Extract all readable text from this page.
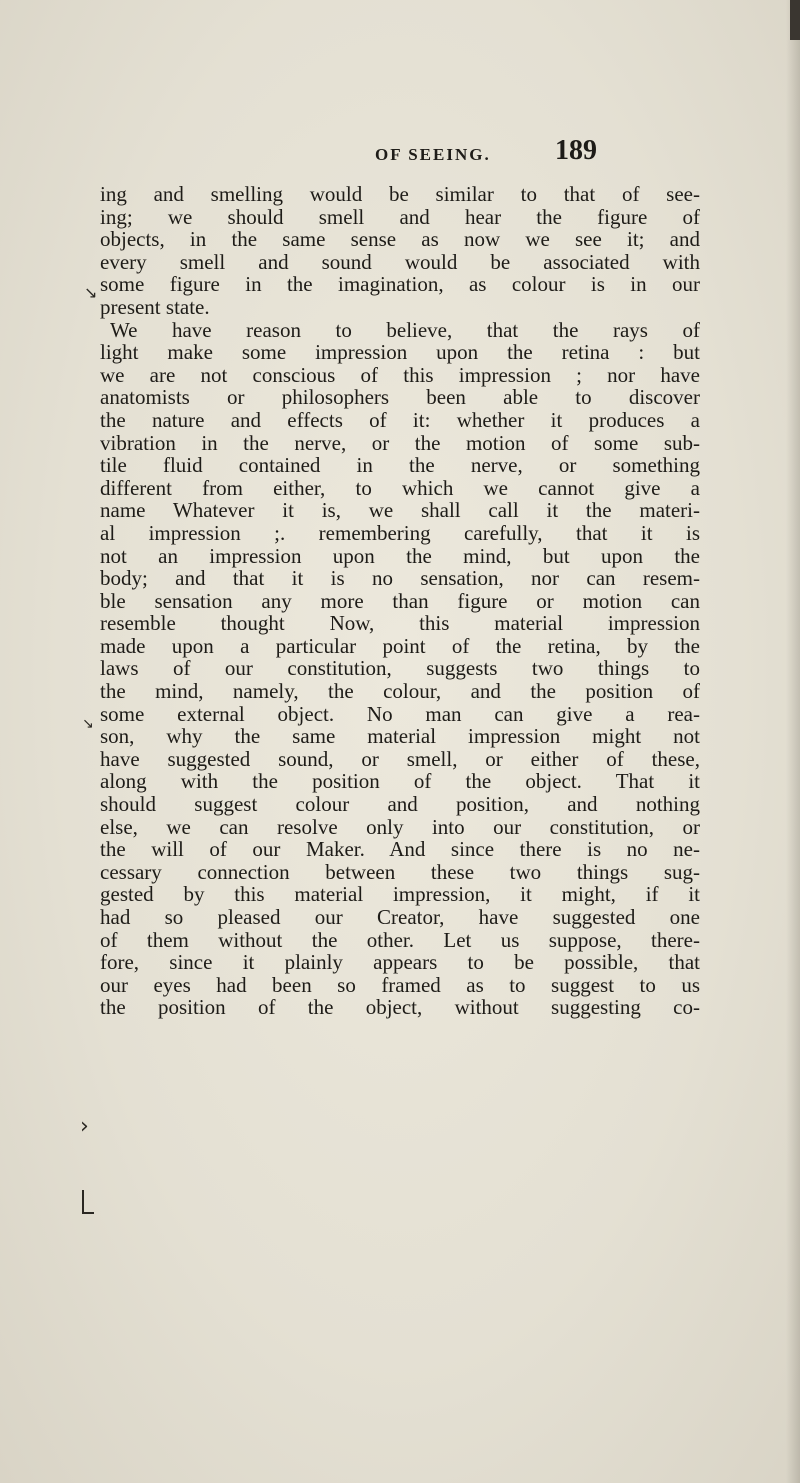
OF SEEING. 189
↘
↘
›
ing and smelling would be similar to that of see-
ing; we should smell and hear the figure of
objects, in the same sense as now we see it; and
every smell and sound would be associated with
some figure in the imagination, as colour is in our
present state.
We have reason to believe, that the rays of
light make some impression upon the retina : but
we are not conscious of this impression ; nor have
anatomists or philosophers been able to discover
the nature and effects of it: whether it produces a
vibration in the nerve, or the motion of some sub-
tile fluid contained in the nerve, or something
different from either, to which we cannot give a
name Whatever it is, we shall call it the materi-
al impression ;. remembering carefully, that it is
not an impression upon the mind, but upon the
body; and that it is no sensation, nor can resem-
ble sensation any more than figure or motion can
resemble thought Now, this material impression
made upon a particular point of the retina, by the
laws of our constitution, suggests two things to
the mind, namely, the colour, and the position of
some external object. No man can give a rea-
son, why the same material impression might not
have suggested sound, or smell, or either of these,
along with the position of the object. That it
should suggest colour and position, and nothing
else, we can resolve only into our constitution, or
the will of our Maker. And since there is no ne-
cessary connection between these two things sug-
gested by this material impression, it might, if it
had so pleased our Creator, have suggested one
of them without the other. Let us suppose, there-
fore, since it plainly appears to be possible, that
our eyes had been so framed as to suggest to us
the position of the object, without suggesting co-
